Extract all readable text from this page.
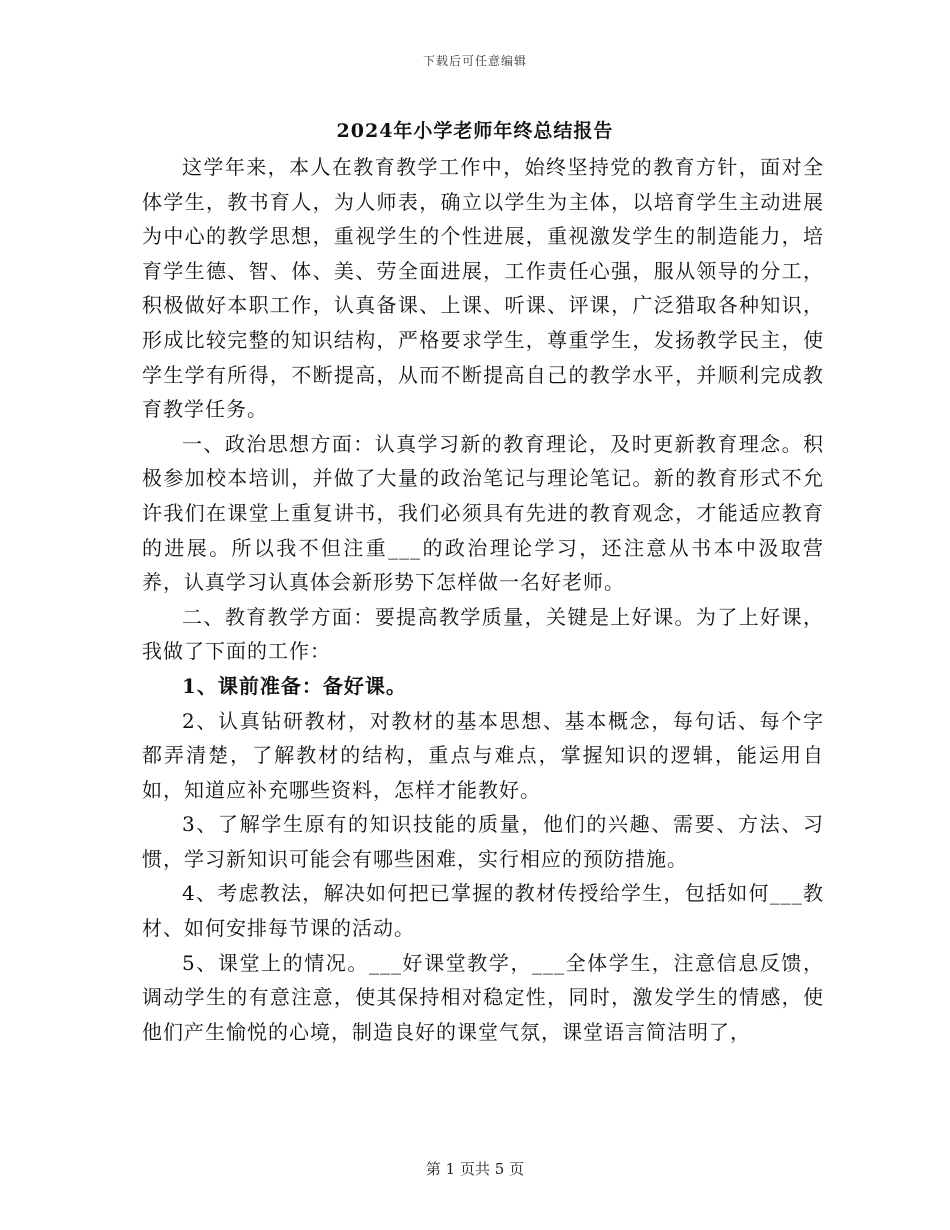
下载后可任意编辑
2024年小学老师年终总结报告

这学年来，本人在教育教学工作中，始终坚持党的教育方针，面对全体学生，教书育人，为人师表，确立以学生为主体，以培育学生主动进展为中心的教学思想，重视学生的个性进展，重视激发学生的制造能力，培育学生德、智、体、美、劳全面进展，工作责任心强，服从领导的分工，积极做好本职工作，认真备课、上课、听课、评课，广泛猎取各种知识，形成比较完整的知识结构，严格要求学生，尊重学生，发扬教学民主，使学生学有所得，不断提高，从而不断提高自己的教学水平，并顺利完成教育教学任务。

一、政治思想方面：认真学习新的教育理论，及时更新教育理念。积极参加校本培训，并做了大量的政治笔记与理论笔记。新的教育形式不允许我们在课堂上重复讲书，我们必须具有先进的教育观念，才能适应教育的进展。所以我不但注重___的政治理论学习，还注意从书本中汲取营养，认真学习认真体会新形势下怎样做一名好老师。

二、教育教学方面：要提高教学质量，关键是上好课。为了上好课，我做了下面的工作：

1、课前准备：备好课。

2、认真钻研教材，对教材的基本思想、基本概念，每句话、每个字都弄清楚，了解教材的结构，重点与难点，掌握知识的逻辑，能运用自如，知道应补充哪些资料，怎样才能教好。

3、了解学生原有的知识技能的质量，他们的兴趣、需要、方法、习惯，学习新知识可能会有哪些困难，实行相应的预防措施。

4、考虑教法，解决如何把已掌握的教材传授给学生，包括如何___教材、如何安排每节课的活动。

5、课堂上的情况。___好课堂教学，___全体学生，注意信息反馈，调动学生的有意注意，使其保持相对稳定性，同时，激发学生的情感，使他们产生愉悦的心境，制造良好的课堂气氛，课堂语言简洁明了，

第 1 页共 5 页
